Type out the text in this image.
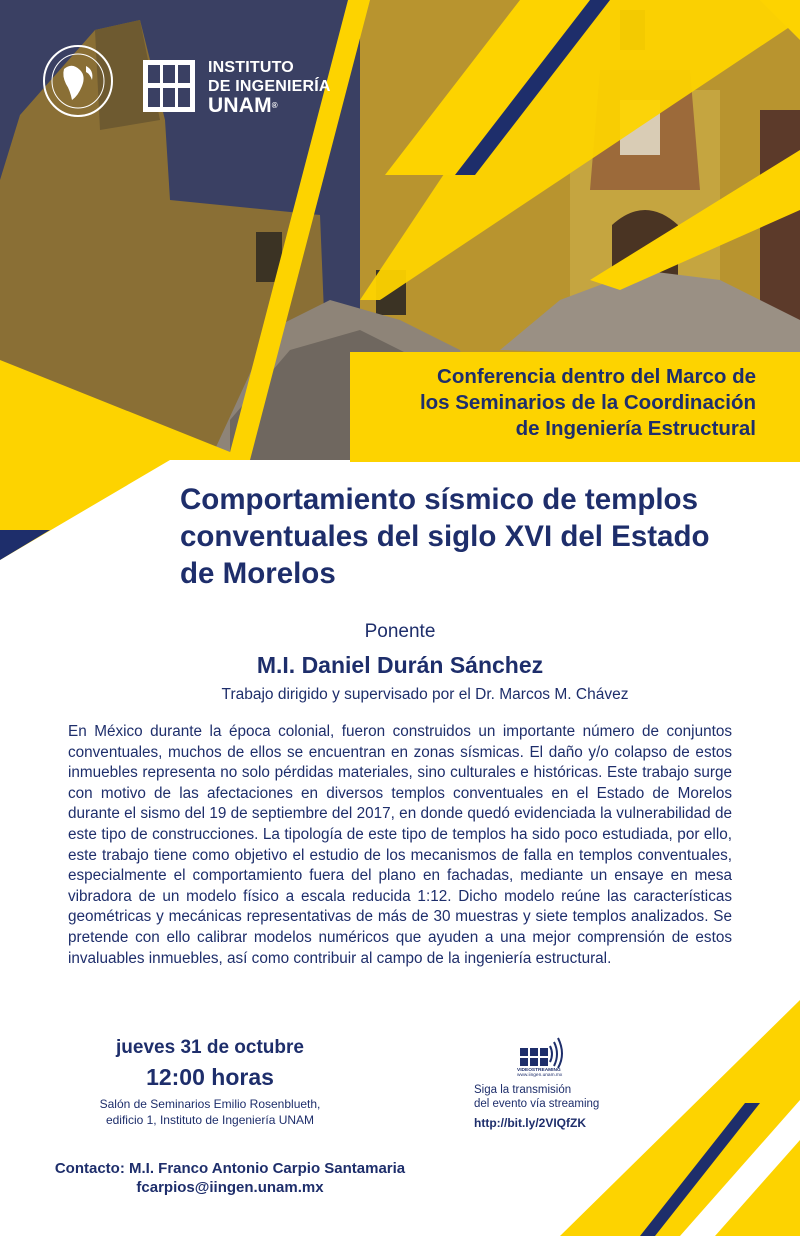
INSTITUTO
DE INGENIERÍA
UNAM®
Conferencia dentro del Marco de
los Seminarios de la Coordinación
de Ingeniería Estructural
Comportamiento sísmico de templos
conventuales del siglo XVI del Estado
de Morelos
Ponente
M.I. Daniel Durán Sánchez
Trabajo dirigido y supervisado por el Dr. Marcos M. Chávez
En México durante la época colonial, fueron construidos un importante número de conjuntos conventuales, muchos de ellos se encuentran en zonas sísmicas. El daño y/o colapso de estos inmuebles representa no solo pérdidas materiales, sino culturales e históricas. Este trabajo surge con motivo de las afectaciones en diversos templos conventuales en el Estado de Morelos durante el sismo del 19 de septiembre del 2017, en donde quedó evidenciada la vulnerabilidad de este tipo de construcciones. La tipología de este tipo de templos ha sido poco estudiada, por ello, este trabajo tiene como objetivo el estudio de los mecanismos de falla en templos conventuales, especialmente el comportamiento fuera del plano en fachadas, mediante un ensaye en mesa vibradora de un modelo físico a escala reducida 1:12. Dicho modelo reúne las características geométricas y mecánicas representativas de más de 30 muestras y siete templos analizados. Se pretende con ello calibrar modelos numéricos que ayuden a una mejor comprensión de estos invaluables inmuebles, así como contribuir al campo de la ingeniería estructural.
jueves 31 de octubre
12:00 horas
Salón de Seminarios Emilio Rosenblueth,
edificio 1, Instituto de Ingeniería UNAM
VIDEOSTREAMING
www.iingen.unam.mx
Siga la transmisión
del evento vía streaming
http://bit.ly/2VIQfZK
Contacto: M.I. Franco Antonio Carpio Santamaria
fcarpios@iingen.unam.mx
